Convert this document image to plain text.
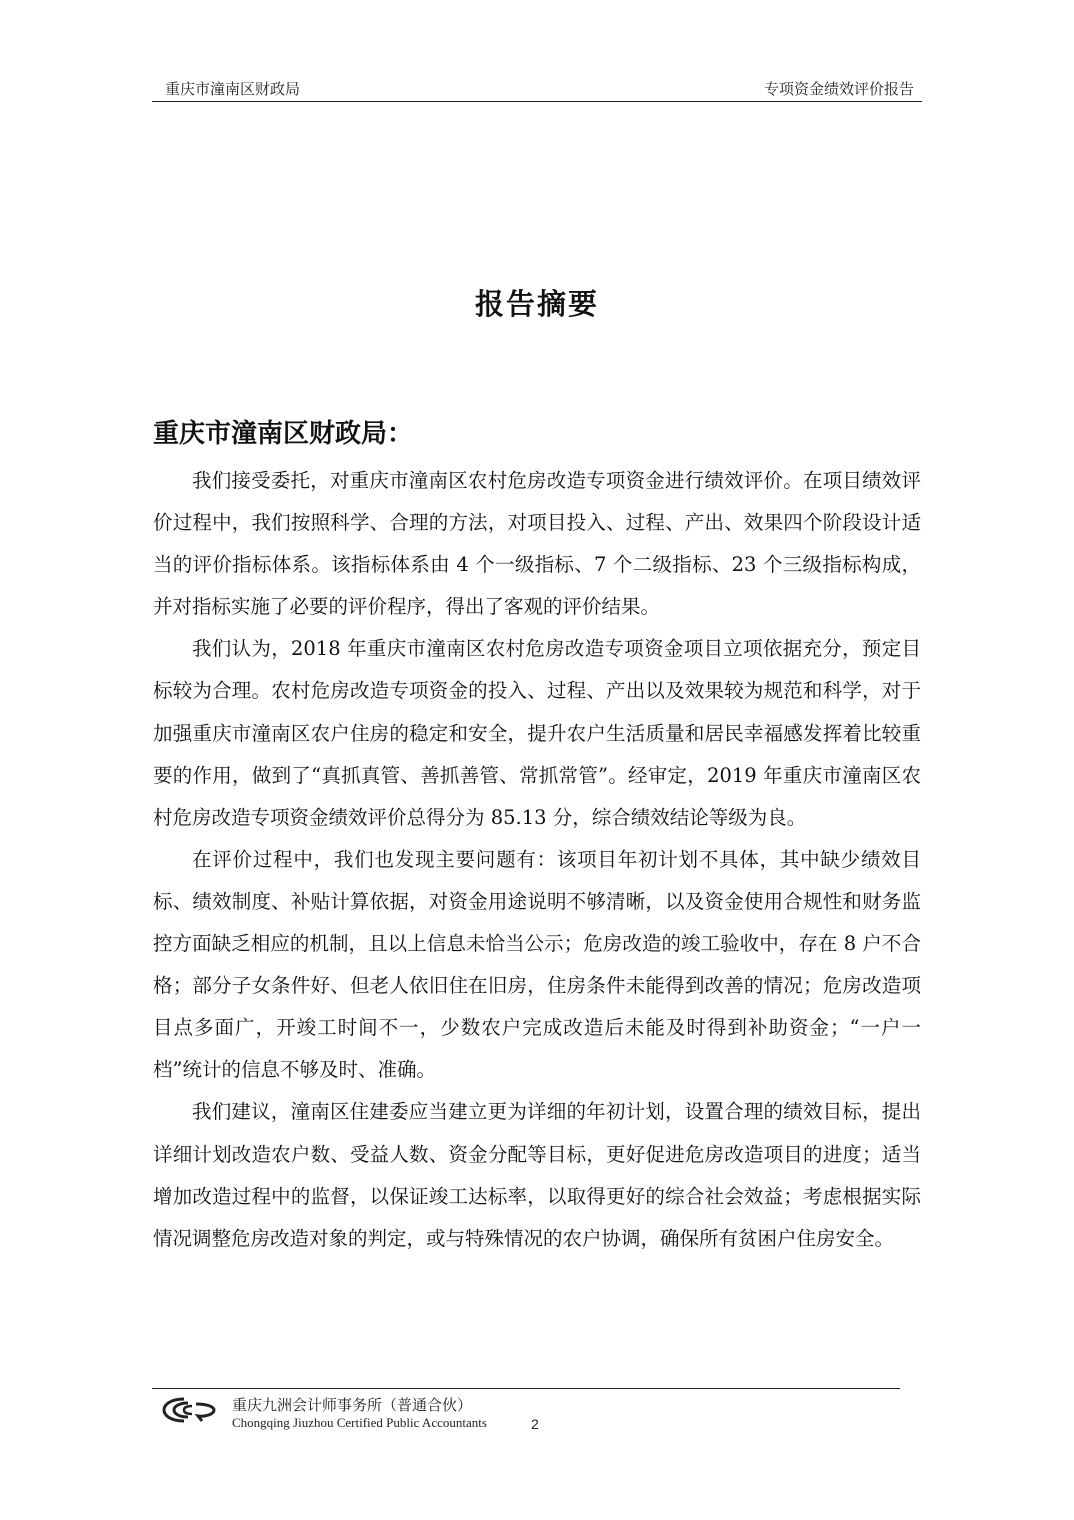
重庆市潼南区财政局	专项资金绩效评价报告
报告摘要
重庆市潼南区财政局：

我们接受委托，对重庆市潼南区农村危房改造专项资金进行绩效评价。在项目绩效评价过程中，我们按照科学、合理的方法，对项目投入、过程、产出、效果四个阶段设计适当的评价指标体系。该指标体系由 4 个一级指标、7 个二级指标、23 个三级指标构成，并对指标实施了必要的评价程序，得出了客观的评价结果。

我们认为，2018 年重庆市潼南区农村危房改造专项资金项目立项依据充分，预定目标较为合理。农村危房改造专项资金的投入、过程、产出以及效果较为规范和科学，对于加强重庆市潼南区农户住房的稳定和安全，提升农户生活质量和居民幸福感发挥着比较重要的作用，做到了“真抓真管、善抓善管、常抓常管”。经审定，2019 年重庆市潼南区农村危房改造专项资金绩效评价总得分为 85.13 分，综合绩效结论等级为良。

在评价过程中，我们也发现主要问题有：该项目年初计划不具体，其中缺少绩效目标、绩效制度、补贴计算依据，对资金用途说明不够清晰，以及资金使用合规性和财务监控方面缺乏相应的机制，且以上信息未恰当公示；危房改造的竣工验收中，存在 8 户不合格；部分子女条件好、但老人依旧住在旧房，住房条件未能得到改善的情况；危房改造项目点多面广，开竣工时间不一，少数农户完成改造后未能及时得到补助资金；“一户一档”统计的信息不够及时、准确。

我们建议，潼南区住建委应当建立更为详细的年初计划，设置合理的绩效目标，提出详细计划改造农户数、受益人数、资金分配等目标，更好促进危房改造项目的进度；适当增加改造过程中的监督，以保证竣工达标率，以取得更好的综合社会效益；考虑根据实际情况调整危房改造对象的判定，或与特殊情况的农户协调，确保所有贫困户住房安全。

重庆九洲会计师事务所（普通合伙）
Chongqing Jiuzhou Certified Public Accountants	2
